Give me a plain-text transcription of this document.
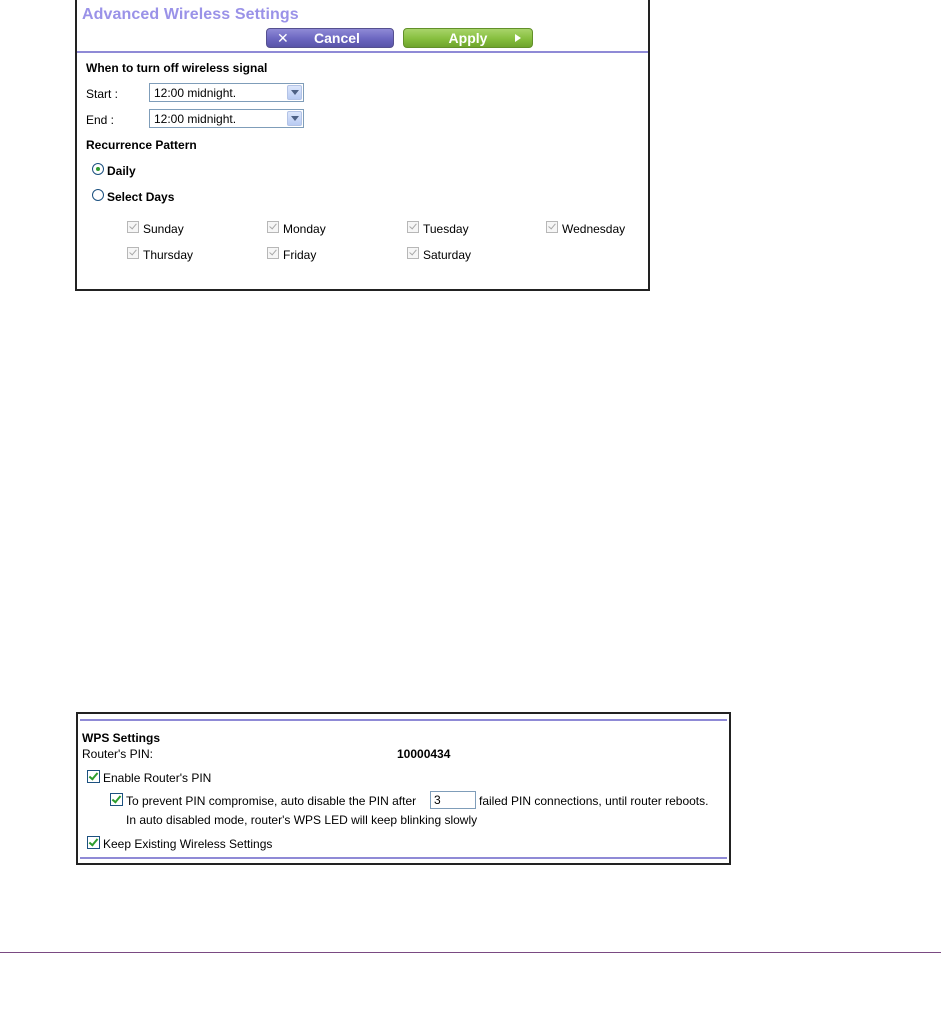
Advanced Wireless Settings
✕	Cancel	Apply
When to turn off wireless signal
Start :	12:00 midnight.
End :	12:00 midnight.
Recurrence Pattern
Daily
Select Days
Sunday	Monday	Tuesday	Wednesday
Thursday	Friday	Saturday
WPS Settings
Router's PIN:	10000434
Enable Router's PIN
To prevent PIN compromise, auto disable the PIN after
3	failed PIN connections, until router reboots.
In auto disabled mode, router's WPS LED will keep blinking slowly
Keep Existing Wireless Settings
